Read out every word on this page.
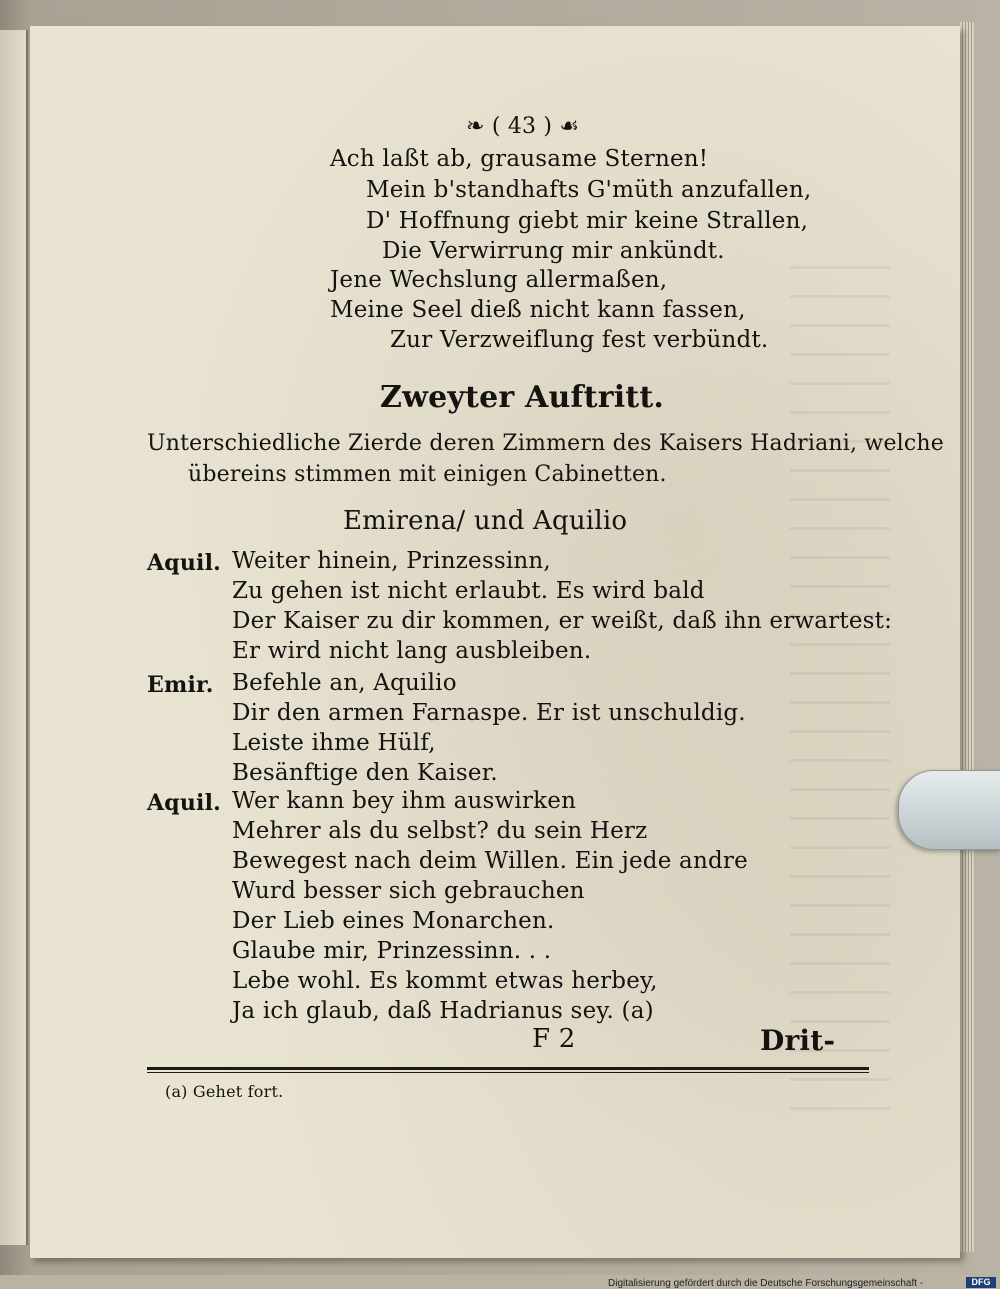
❧ ( 43 ) ☙
Ach laßt ab, grausame Sternen!
Mein b'standhafts G'müth anzufallen,
D' Hoffnung giebt mir keine Strallen,
Die Verwirrung mir ankündt.
Jene Wechslung allermaßen,
Meine Seel dieß nicht kann fassen,
Zur Verzweiflung fest verbündt.
Zweyter Auftritt.
Unterschiedliche Zierde deren Zimmern des Kaisers Hadriani, welche
übereins stimmen mit einigen Cabinetten.
Emirena/ und Aquilio
Aquil. Weiter hinein, Prinzessinn,
Zu gehen ist nicht erlaubt. Es wird bald
Der Kaiser zu dir kommen, er weißt, daß ihn erwartest:
Er wird nicht lang ausbleiben.
Emir. Befehle an, Aquilio
Dir den armen Farnaspe. Er ist unschuldig.
Leiste ihme Hülf,
Besänftige den Kaiser.
Aquil. Wer kann bey ihm auswirken
Mehrer als du selbst? du sein Herz
Bewegest nach deim Willen. Ein jede andre
Wurd besser sich gebrauchen
Der Lieb eines Monarchen.
Glaube mir, Prinzessinn. . .
Lebe wohl. Es kommt etwas herbey,
Ja ich glaub, daß Hadrianus sey. (a)
F 2	Drit-
(a) Gehet fort.
Digitalisierung gefördert durch die Deutsche Forschungsgemeinschaft -	DFG
